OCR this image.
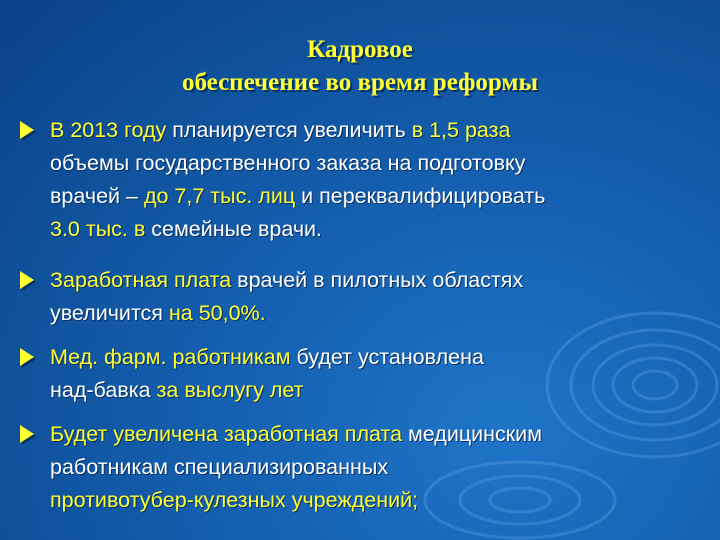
Кадровое
обеспечение во время реформы
В 2013 году планируется увеличить в 1,5 раза
объемы государственного заказа на подготовку
врачей – до 7,7 тыс. лиц и переквалифицировать
3.0 тыс. в семейные врачи.
Заработная плата врачей в пилотных областях
увеличится на 50,0%.
Мед. фарм. работникам будет установлена
над-бавка за выслугу лет
Будет увеличена заработная плата медицинским
работникам специализированных
противотубер-кулезных учреждений;
